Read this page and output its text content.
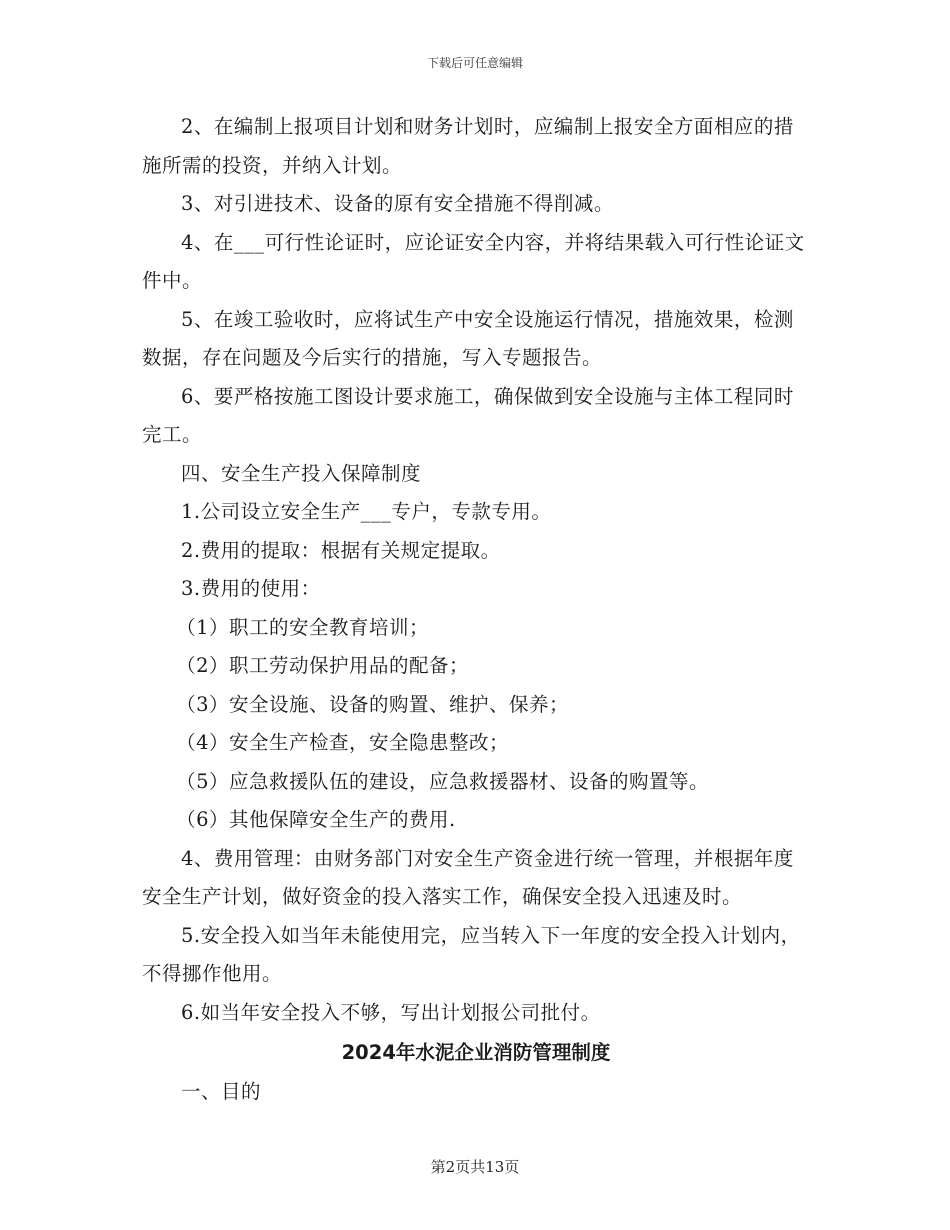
下载后可任意编辑

2、在编制上报项目计划和财务计划时，应编制上报安全方面相应的措施所需的投资，并纳入计划。

3、对引进技术、设备的原有安全措施不得削减。

4、在___可行性论证时，应论证安全内容，并将结果载入可行性论证文件中。

5、在竣工验收时，应将试生产中安全设施运行情况，措施效果，检测数据，存在问题及今后实行的措施，写入专题报告。

6、要严格按施工图设计要求施工，确保做到安全设施与主体工程同时完工。

四、安全生产投入保障制度

1.公司设立安全生产___专户，专款专用。

2.费用的提取：根据有关规定提取。

3.费用的使用：

（1）职工的安全教育培训；

（2）职工劳动保护用品的配备；

（3）安全设施、设备的购置、维护、保养；

（4）安全生产检查，安全隐患整改；

（5）应急救援队伍的建设，应急救援器材、设备的购置等。

（6）其他保障安全生产的费用.

4、费用管理：由财务部门对安全生产资金进行统一管理，并根据年度安全生产计划，做好资金的投入落实工作，确保安全投入迅速及时。

5.安全投入如当年未能使用完，应当转入下一年度的安全投入计划内，不得挪作他用。

6.如当年安全投入不够，写出计划报公司批付。

2024年水泥企业消防管理制度

一、目的

第2页共13页
